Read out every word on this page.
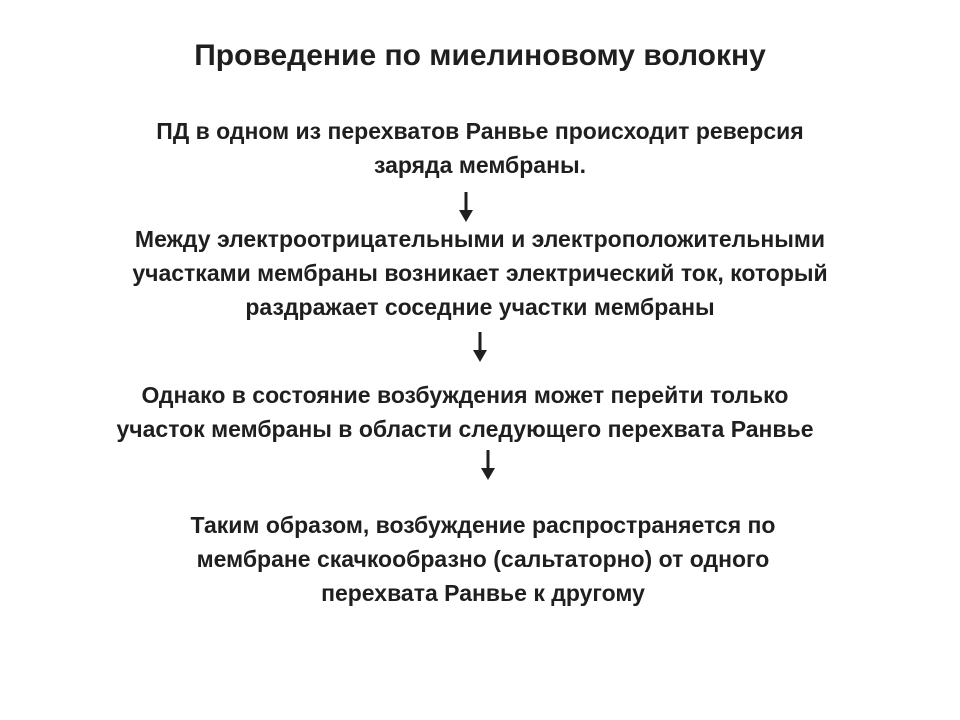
Проведение по миелиновому волокну
ПД в одном из перехватов Ранвье происходит реверсия
заряда мембраны.
Между электроотрицательными и электроположительными
участками мембраны возникает электрический ток, который
раздражает соседние участки мембраны
Однако в состояние возбуждения может перейти только
участок мембраны в области следующего перехвата Ранвье
Таким образом, возбуждение распространяется по
мембране скачкообразно (сальтаторно) от одного
перехвата Ранвье к другому
